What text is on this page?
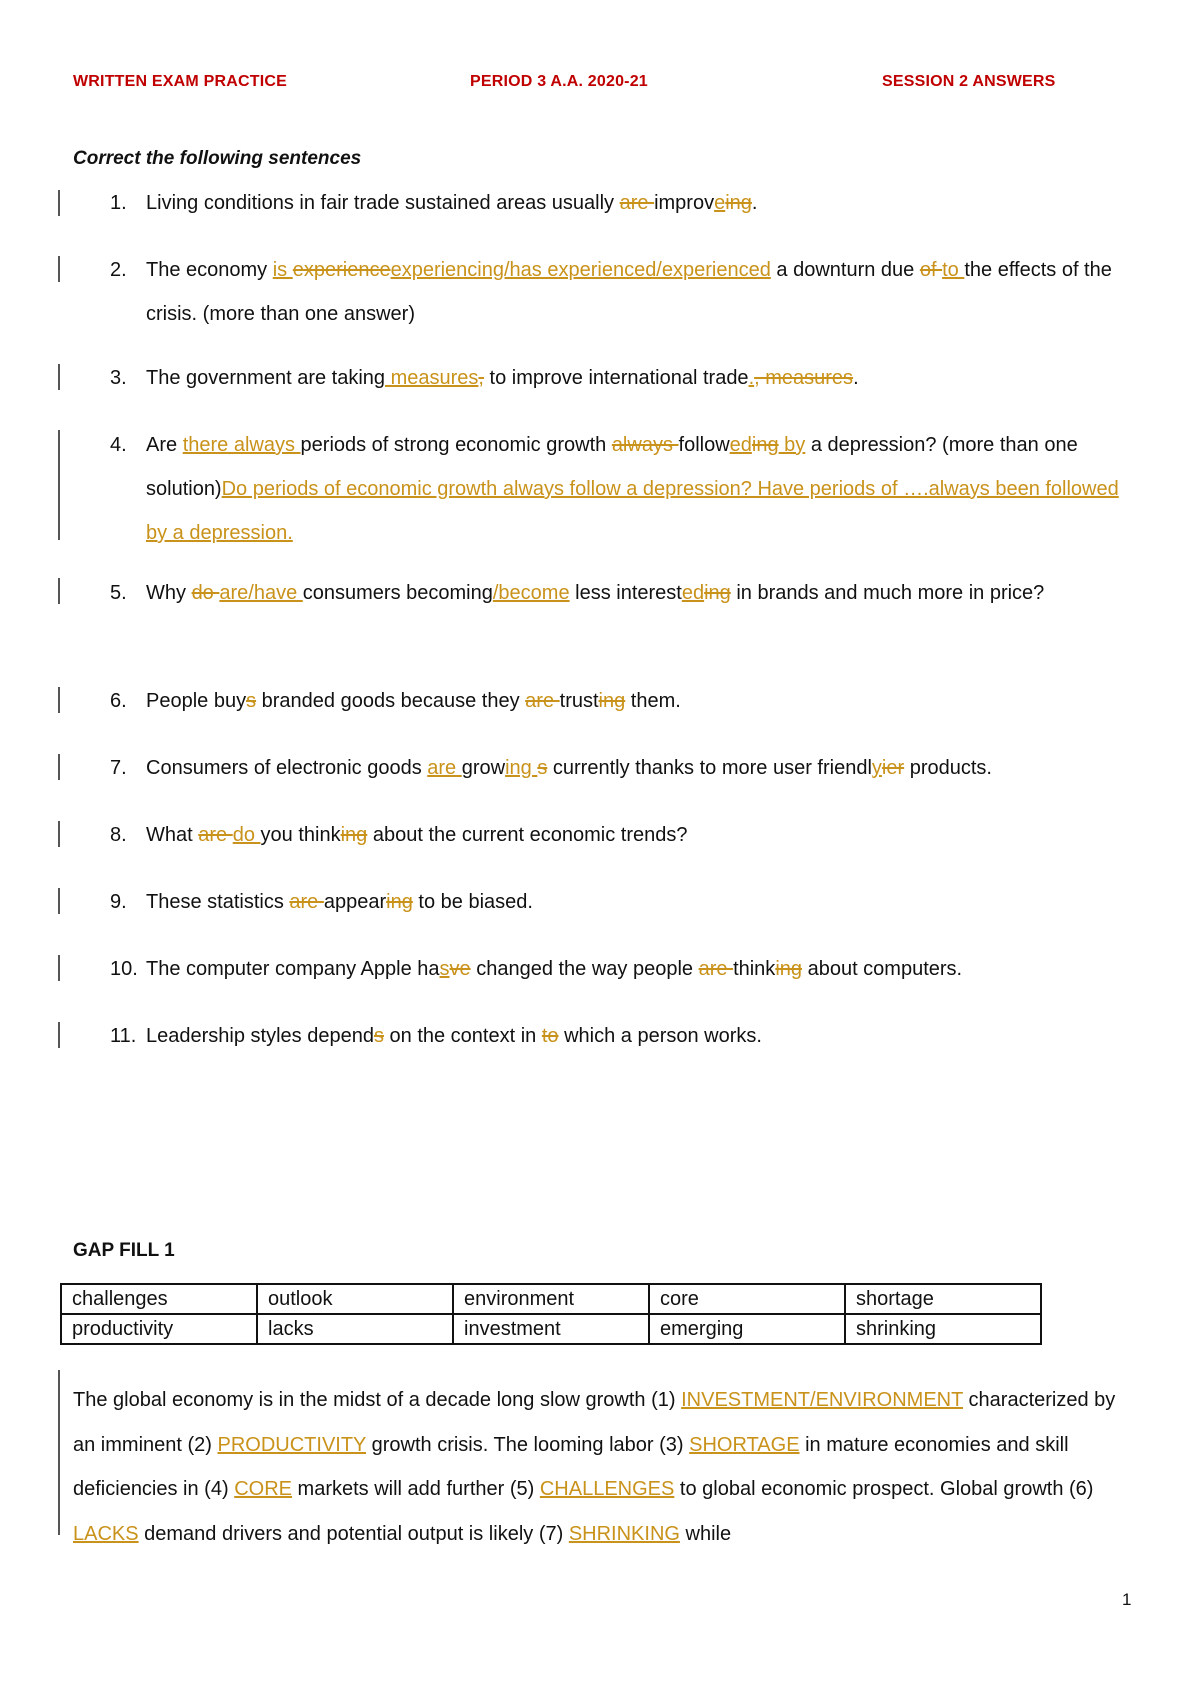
WRITTEN EXAM PRACTICE	PERIOD 3 A.A. 2020-21	SESSION 2 ANSWERS
Correct the following sentences
1. Living conditions in fair trade sustained areas usually are improveing.
2. The economy is experienceexperiencing/has experienced/experienced a downturn due of to the effects of the crisis. (more than one answer)
3. The government are taking measures, to improve international trade., measures.
4. Are there always periods of strong economic growth always followeding by a depression? (more than one solution)Do periods of economic growth always follow a depression? Have periods of ….always been followed by a depression.
5. Why do are/have consumers becoming/become less interesteding in brands and much more in price?
6. People buys branded goods because they are trusting them.
7. Consumers of electronic goods are growing s currently thanks to more user friendlyier products.
8. What are do you thinking about the current economic trends?
9. These statistics are appearing to be biased.
10. The computer company Apple hasve changed the way people are thinking about computers.
11. Leadership styles depends on the context in to which a person works.
GAP FILL 1
challenges	outlook	environment	core	shortage
productivity	lacks	investment	emerging	shrinking
The global economy is in the midst of a decade long slow growth (1) INVESTMENT/ENVIRONMENT characterized by an imminent (2) PRODUCTIVITY growth crisis. The looming labor (3) SHORTAGE in mature economies and skill deficiencies in (4) CORE markets will add further (5) CHALLENGES to global economic prospect. Global growth (6) LACKS demand drivers and potential output is likely (7) SHRINKING while
1
